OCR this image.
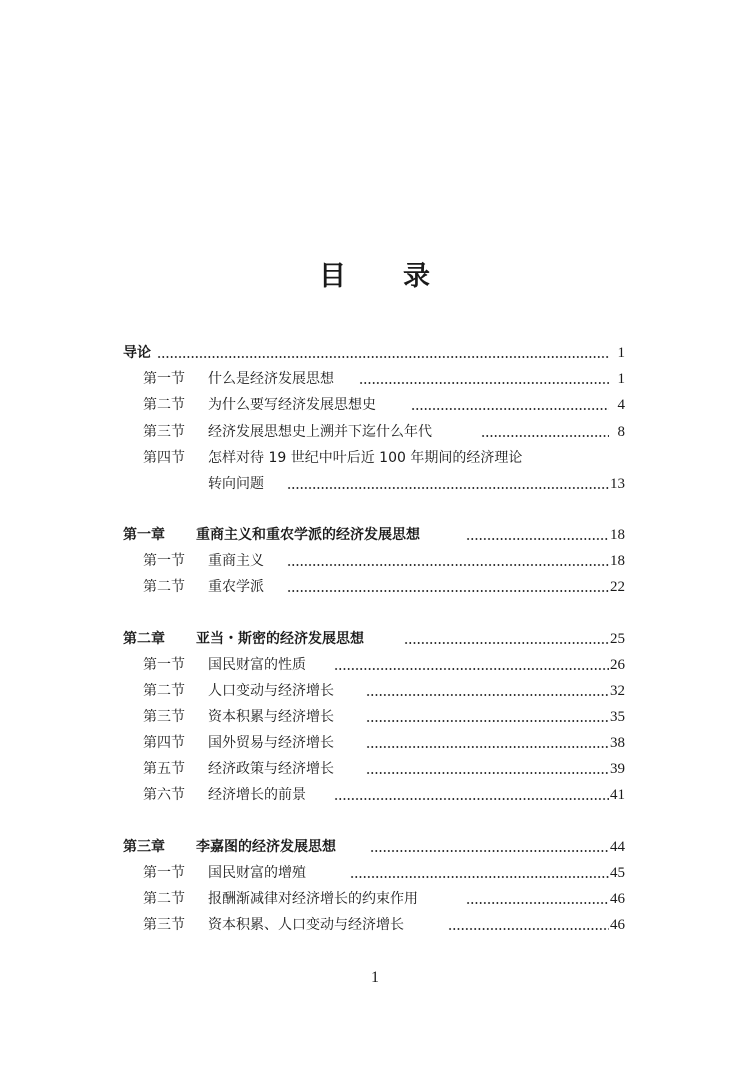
目 录
导论	1
第一节 什么是经济发展思想	1
第二节 为什么要写经济发展思想史	4
第三节 经济发展思想史上溯并下迄什么年代	8
第四节 怎样对待 19 世纪中叶后近 100 年期间的经济理论
转向问题	13
第一章 重商主义和重农学派的经济发展思想	18
第一节 重商主义	18
第二节 重农学派	22
第二章 亚当・斯密的经济发展思想	25
第一节 国民财富的性质	26
第二节 人口变动与经济增长	32
第三节 资本积累与经济增长	35
第四节 国外贸易与经济增长	38
第五节 经济政策与经济增长	39
第六节 经济增长的前景	41
第三章 李嘉图的经济发展思想	44
第一节 国民财富的增殖	45
第二节 报酬渐减律对经济增长的约束作用	46
第三节 资本积累、人口变动与经济增长	46
1
